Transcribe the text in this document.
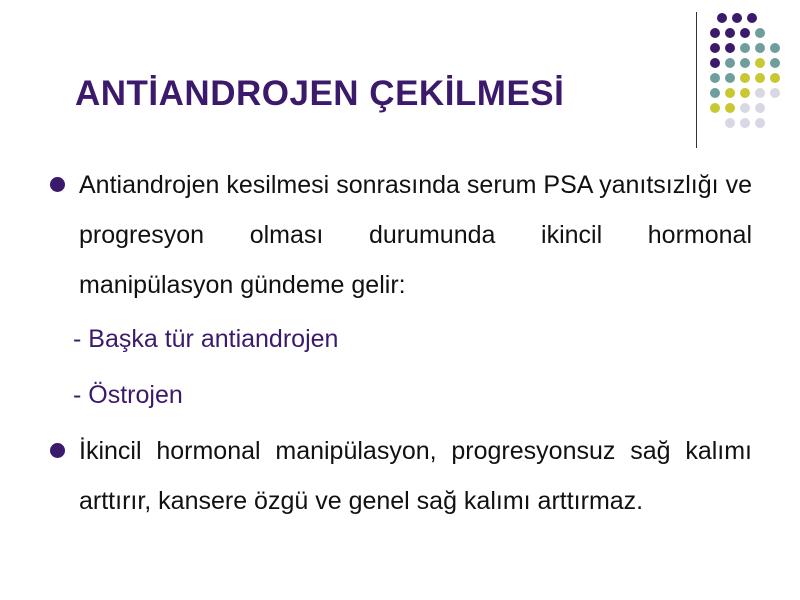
ANTİANDROJEN ÇEKİLMESİ
Antiandrojen kesilmesi sonrasında serum PSA yanıtsızlığı ve progresyon olması durumunda ikincil hormonal manipülasyon gündeme gelir:
- Başka tür antiandrojen
- Östrojen
İkincil hormonal manipülasyon, progresyonsuz sağ kalımı arttırır, kansere özgü ve genel sağ kalımı arttırmaz.
